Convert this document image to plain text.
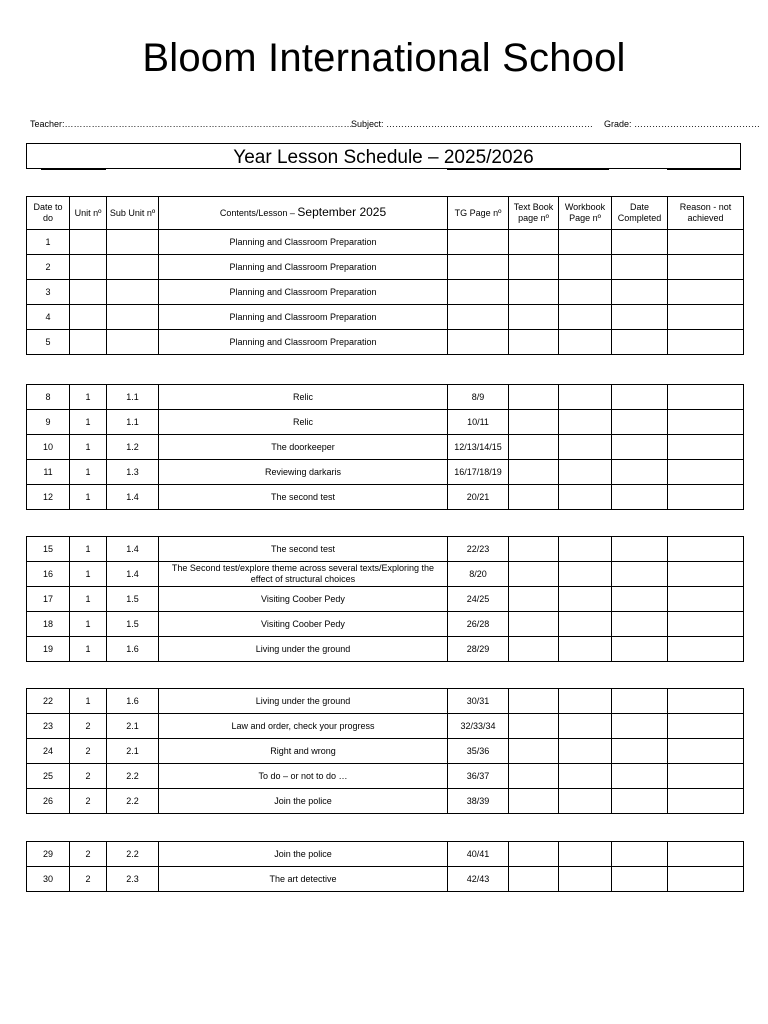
Bloom International School
Teacher:……………………………………………………………………………………
Subject: …………………………………………………………… Grade: ……………………………………
Year Lesson Schedule – 2025/2026
Date to do	Unit nº	Sub Unit nº	Contents/Lesson – September 2025	TG Page nº	Text Book page nº	Workbook Page nº	Date Completed	Reason - not achieved
1			Planning and Classroom Preparation					
2			Planning and Classroom Preparation					
3			Planning and Classroom Preparation					
4			Planning and Classroom Preparation					
5			Planning and Classroom Preparation					
8	1	1.1	Relic	8/9				
9	1	1.1	Relic	10/11				
10	1	1.2	The doorkeeper	12/13/14/15				
11	1	1.3	Reviewing darkaris	16/17/18/19				
12	1	1.4	The second test	20/21				
15	1	1.4	The second test	22/23				
16	1	1.4	The Second test/explore theme across several texts/Exploring the effect of structural choices	8/20				
17	1	1.5	Visiting Coober Pedy	24/25				
18	1	1.5	Visiting Coober Pedy	26/28				
19	1	1.6	Living under the ground	28/29				
22	1	1.6	Living under the ground	30/31				
23	2	2.1	Law and order, check your progress	32/33/34				
24	2	2.1	Right and wrong	35/36				
25	2	2.2	To do – or not to do …	36/37				
26	2	2.2	Join the police	38/39				
29	2	2.2	Join the police	40/41				
30	2	2.3	The art detective	42/43				
